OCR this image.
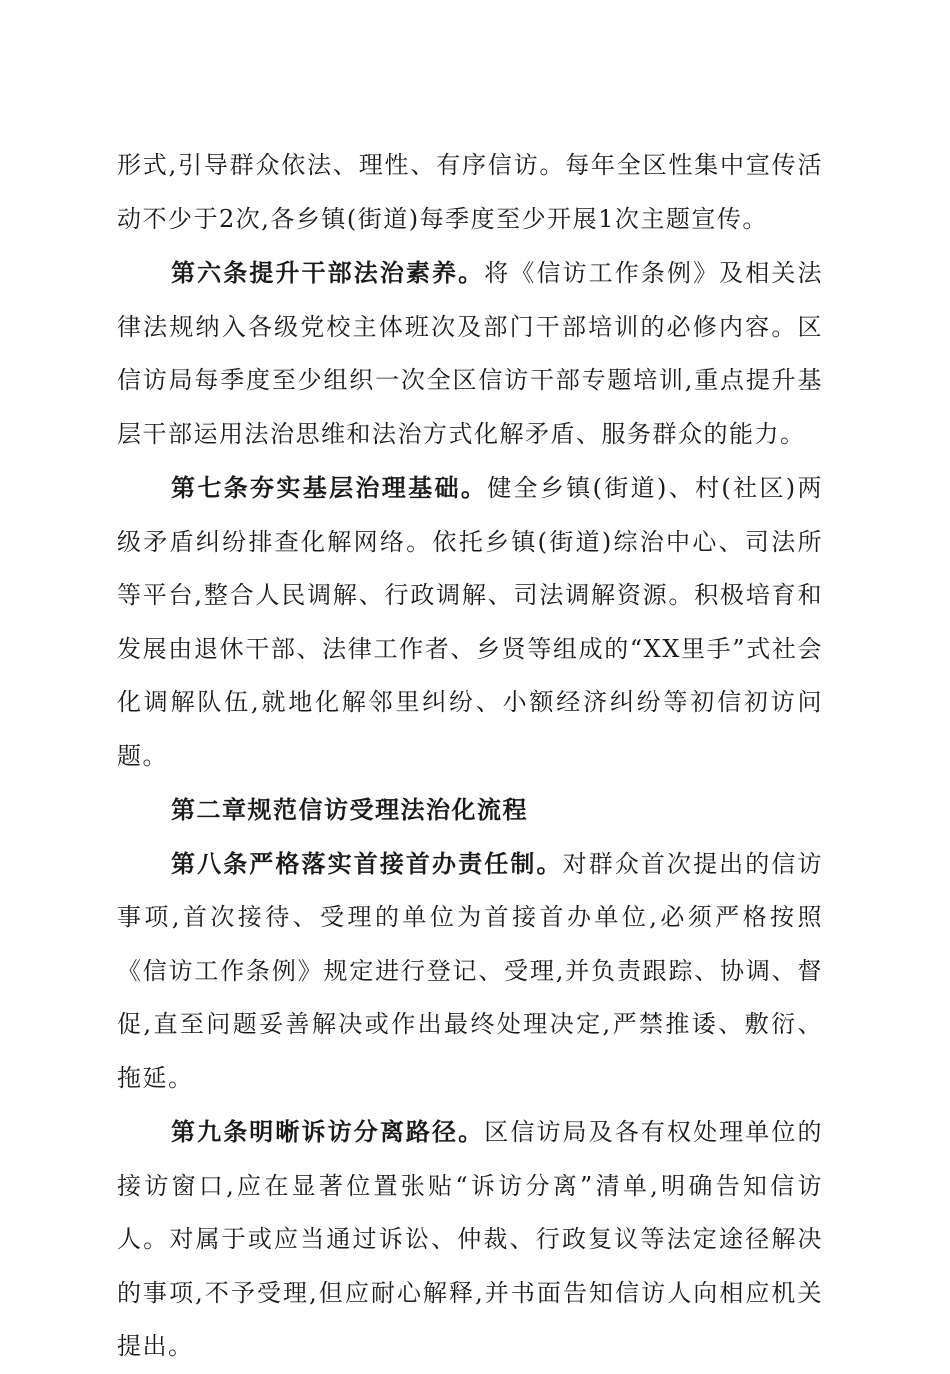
形式,引导群众依法、理性、有序信访。每年全区性集中宣传活动不少于2次,各乡镇(街道)每季度至少开展1次主题宣传。

第六条提升干部法治素养。将《信访工作条例》及相关法律法规纳入各级党校主体班次及部门干部培训的必修内容。区信访局每季度至少组织一次全区信访干部专题培训,重点提升基层干部运用法治思维和法治方式化解矛盾、服务群众的能力。

第七条夯实基层治理基础。健全乡镇(街道)、村(社区)两级矛盾纠纷排查化解网络。依托乡镇(街道)综治中心、司法所等平台,整合人民调解、行政调解、司法调解资源。积极培育和发展由退休干部、法律工作者、乡贤等组成的“XX里手”式社会化调解队伍,就地化解邻里纠纷、小额经济纠纷等初信初访问题。

第二章规范信访受理法治化流程

第八条严格落实首接首办责任制。对群众首次提出的信访事项,首次接待、受理的单位为首接首办单位,必须严格按照《信访工作条例》规定进行登记、受理,并负责跟踪、协调、督促,直至问题妥善解决或作出最终处理决定,严禁推诿、敷衍、拖延。

第九条明晰诉访分离路径。区信访局及各有权处理单位的接访窗口,应在显著位置张贴“诉访分离”清单,明确告知信访人。对属于或应当通过诉讼、仲裁、行政复议等法定途径解决的事项,不予受理,但应耐心解释,并书面告知信访人向相应机关提出。
